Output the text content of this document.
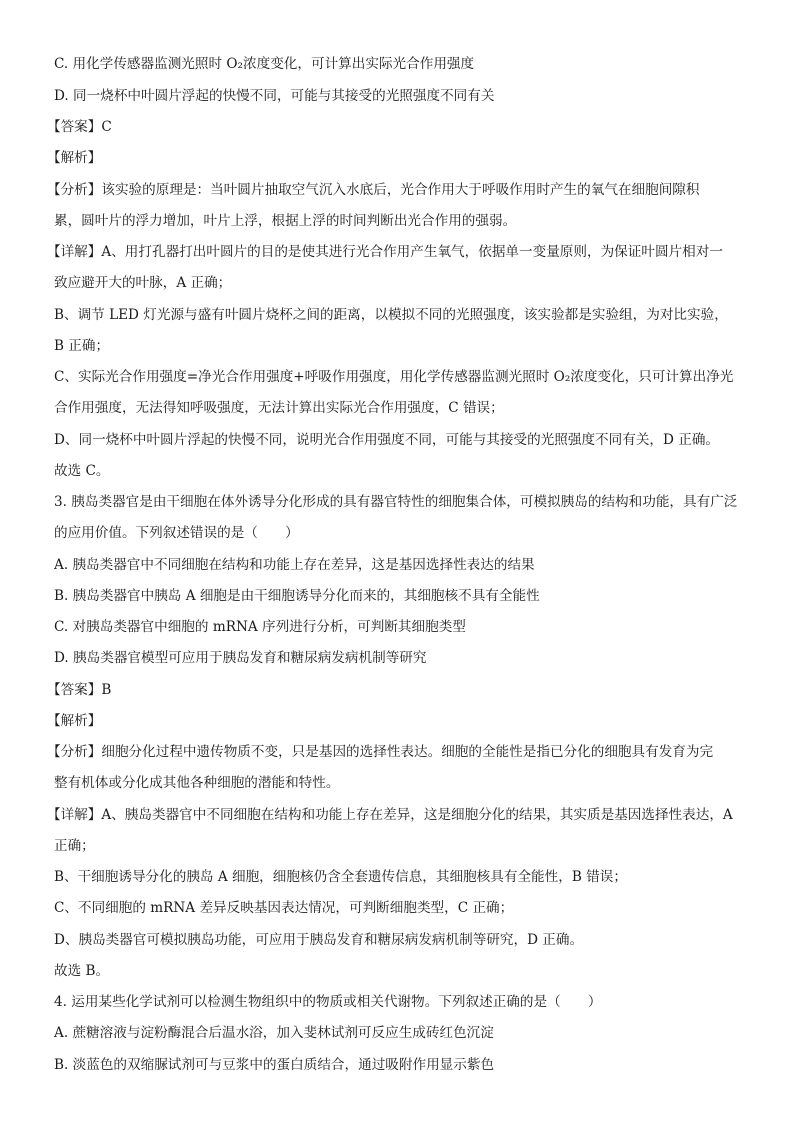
C. 用化学传感器监测光照时 O₂浓度变化，可计算出实际光合作用强度
D. 同一烧杯中叶圆片浮起的快慢不同，可能与其接受的光照强度不同有关
【答案】C
【解析】
【分析】该实验的原理是：当叶圆片抽取空气沉入水底后，光合作用大于呼吸作用时产生的氧气在细胞间隙积
累，圆叶片的浮力增加，叶片上浮，根据上浮的时间判断出光合作用的强弱。
【详解】A、用打孔器打出叶圆片的目的是使其进行光合作用产生氧气，依据单一变量原则，为保证叶圆片相对一
致应避开大的叶脉，A 正确；
B、调节 LED 灯光源与盛有叶圆片烧杯之间的距离，以模拟不同的光照强度，该实验都是实验组，为对比实验，
B 正确；
C、实际光合作用强度=净光合作用强度+呼吸作用强度，用化学传感器监测光照时 O₂浓度变化，只可计算出净光
合作用强度，无法得知呼吸强度，无法计算出实际光合作用强度，C 错误；
D、同一烧杯中叶圆片浮起的快慢不同，说明光合作用强度不同，可能与其接受的光照强度不同有关，D 正确。
故选 C。
3. 胰岛类器官是由干细胞在体外诱导分化形成的具有器官特性的细胞集合体，可模拟胰岛的结构和功能，具有广泛
的应用价值。下列叙述错误的是（　　）
A. 胰岛类器官中不同细胞在结构和功能上存在差异，这是基因选择性表达的结果
B. 胰岛类器官中胰岛 A 细胞是由干细胞诱导分化而来的，其细胞核不具有全能性
C. 对胰岛类器官中细胞的 mRNA 序列进行分析，可判断其细胞类型
D. 胰岛类器官模型可应用于胰岛发育和糖尿病发病机制等研究
【答案】B
【解析】
【分析】细胞分化过程中遗传物质不变，只是基因的选择性表达。细胞的全能性是指已分化的细胞具有发育为完
整有机体或分化成其他各种细胞的潜能和特性。
【详解】A、胰岛类器官中不同细胞在结构和功能上存在差异，这是细胞分化的结果，其实质是基因选择性表达，A
正确；
B、干细胞诱导分化的胰岛 A 细胞，细胞核仍含全套遗传信息，其细胞核具有全能性，B 错误；
C、不同细胞的 mRNA 差异反映基因表达情况，可判断细胞类型，C 正确；
D、胰岛类器官可模拟胰岛功能，可应用于胰岛发育和糖尿病发病机制等研究，D 正确。
故选 B。
4. 运用某些化学试剂可以检测生物组织中的物质或相关代谢物。下列叙述正确的是（　　）
A. 蔗糖溶液与淀粉酶混合后温水浴，加入斐林试剂可反应生成砖红色沉淀
B. 淡蓝色的双缩脲试剂可与豆浆中的蛋白质结合，通过吸附作用显示紫色
